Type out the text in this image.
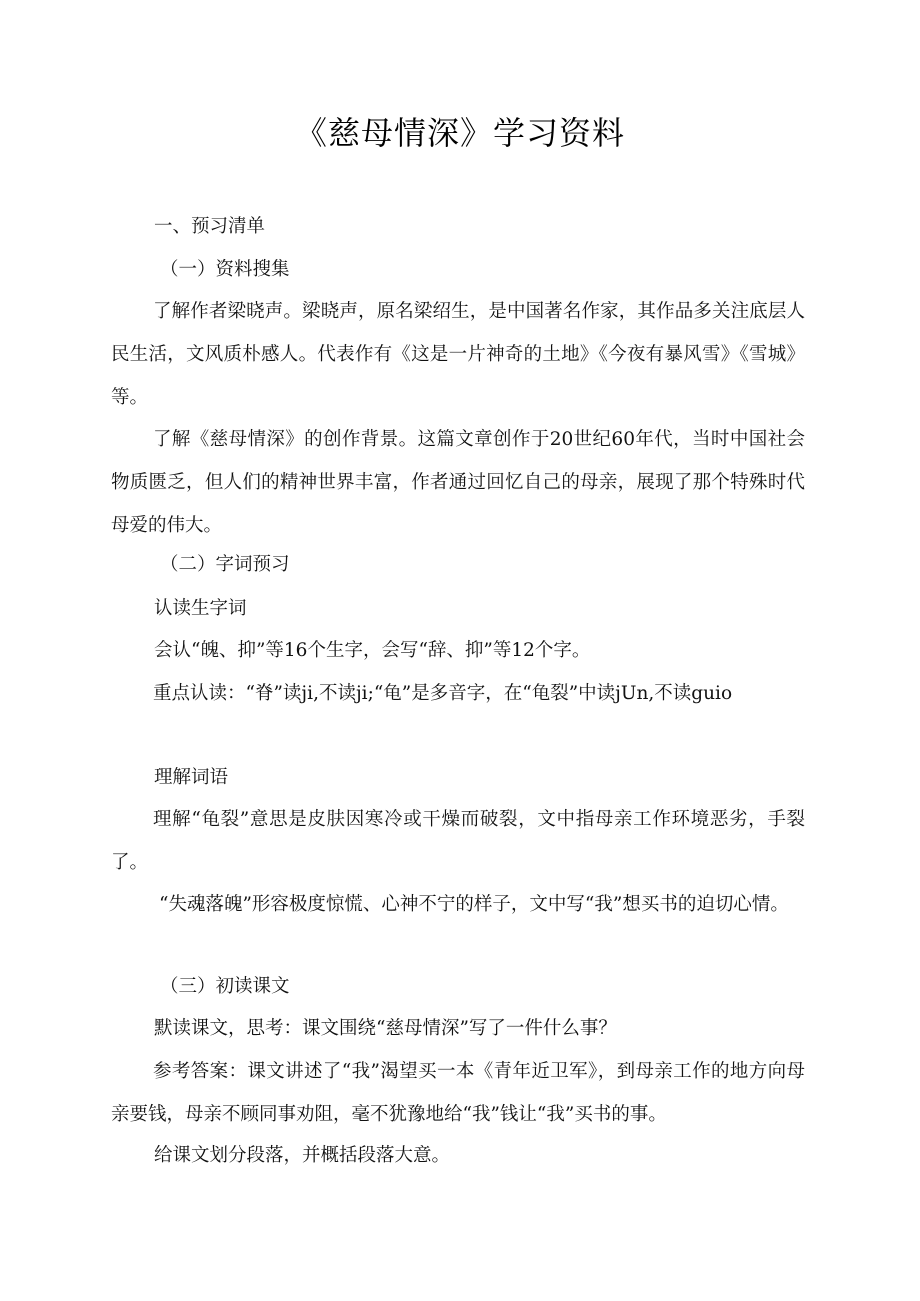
《慈母情深》学习资料

一、预习清单

（一）资料搜集

了解作者梁晓声。梁晓声，原名梁绍生，是中国著名作家，其作品多关注底层人民生活，文风质朴感人。代表作有《这是一片神奇的土地》《今夜有暴风雪》《雪城》等。

了解《慈母情深》的创作背景。这篇文章创作于20世纪60年代，当时中国社会物质匮乏，但人们的精神世界丰富，作者通过回忆自己的母亲，展现了那个特殊时代母爱的伟大。

（二）字词预习

认读生字词

会认“魄、抑”等16个生字，会写“辞、抑”等12个字。

重点认读：“脊”读ji,不读ji;“龟”是多音字，在“龟裂”中读jUn,不读guio

理解词语

理解“龟裂”意思是皮肤因寒冷或干燥而破裂，文中指母亲工作环境恶劣，手裂了。

“失魂落魄”形容极度惊慌、心神不宁的样子，文中写“我”想买书的迫切心情。

（三）初读课文

默读课文，思考：课文围绕“慈母情深”写了一件什么事？

参考答案：课文讲述了“我”渴望买一本《青年近卫军》，到母亲工作的地方向母亲要钱，母亲不顾同事劝阻，毫不犹豫地给“我”钱让“我”买书的事。

给课文划分段落，并概括段落大意。
